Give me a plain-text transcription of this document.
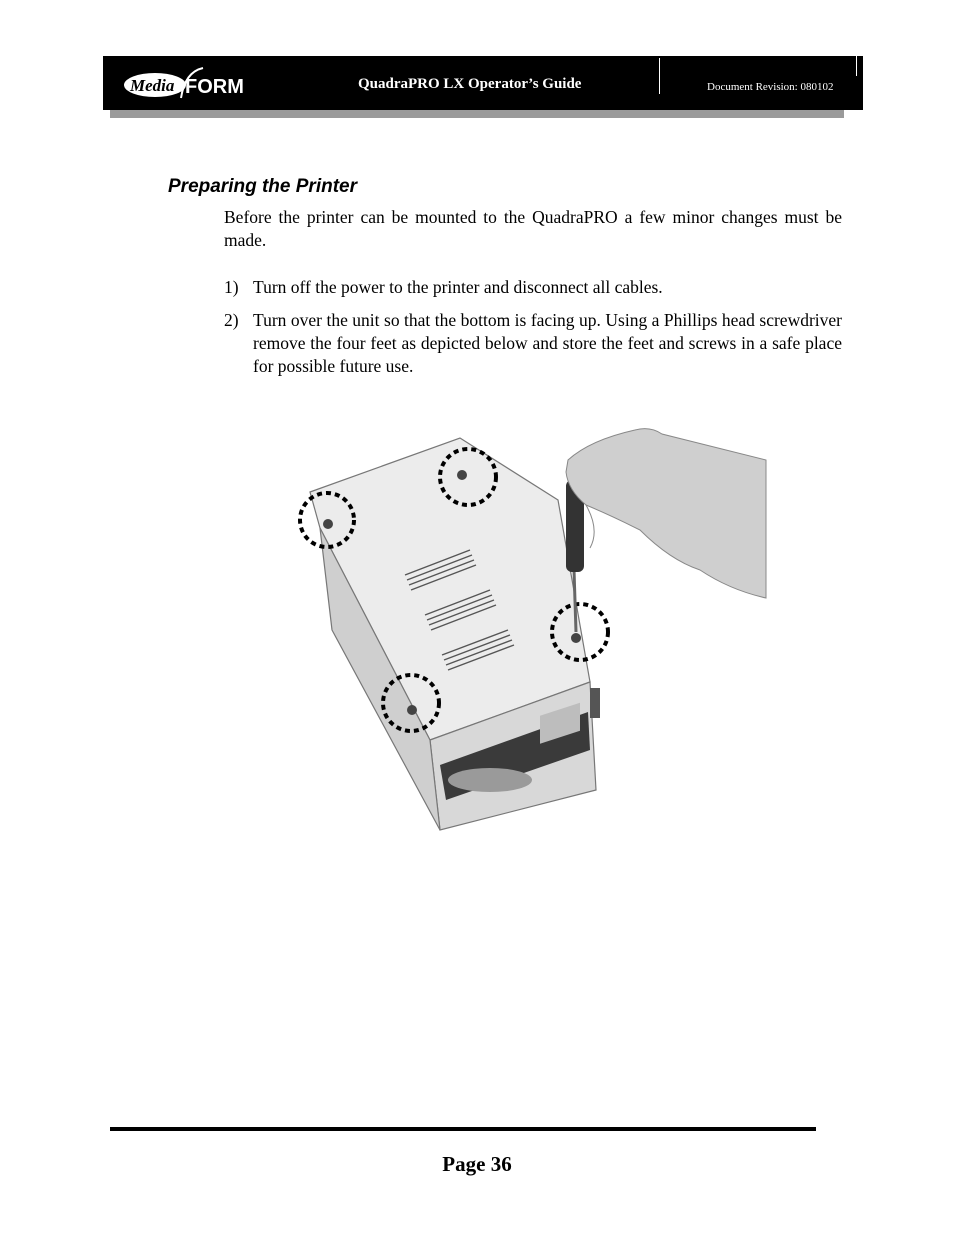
Media FORM	QuadraPRO LX Operator’s Guide	Document Revision: 080102
Preparing the Printer

Before the printer can be mounted to the QuadraPRO a few minor changes must be made.

1) Turn off the power to the printer and disconnect all cables.
2) Turn over the unit so that the bottom is facing up. Using a Phillips head screwdriver remove the four feet as depicted below and store the feet and screws in a safe place for possible future use.
Page 36
